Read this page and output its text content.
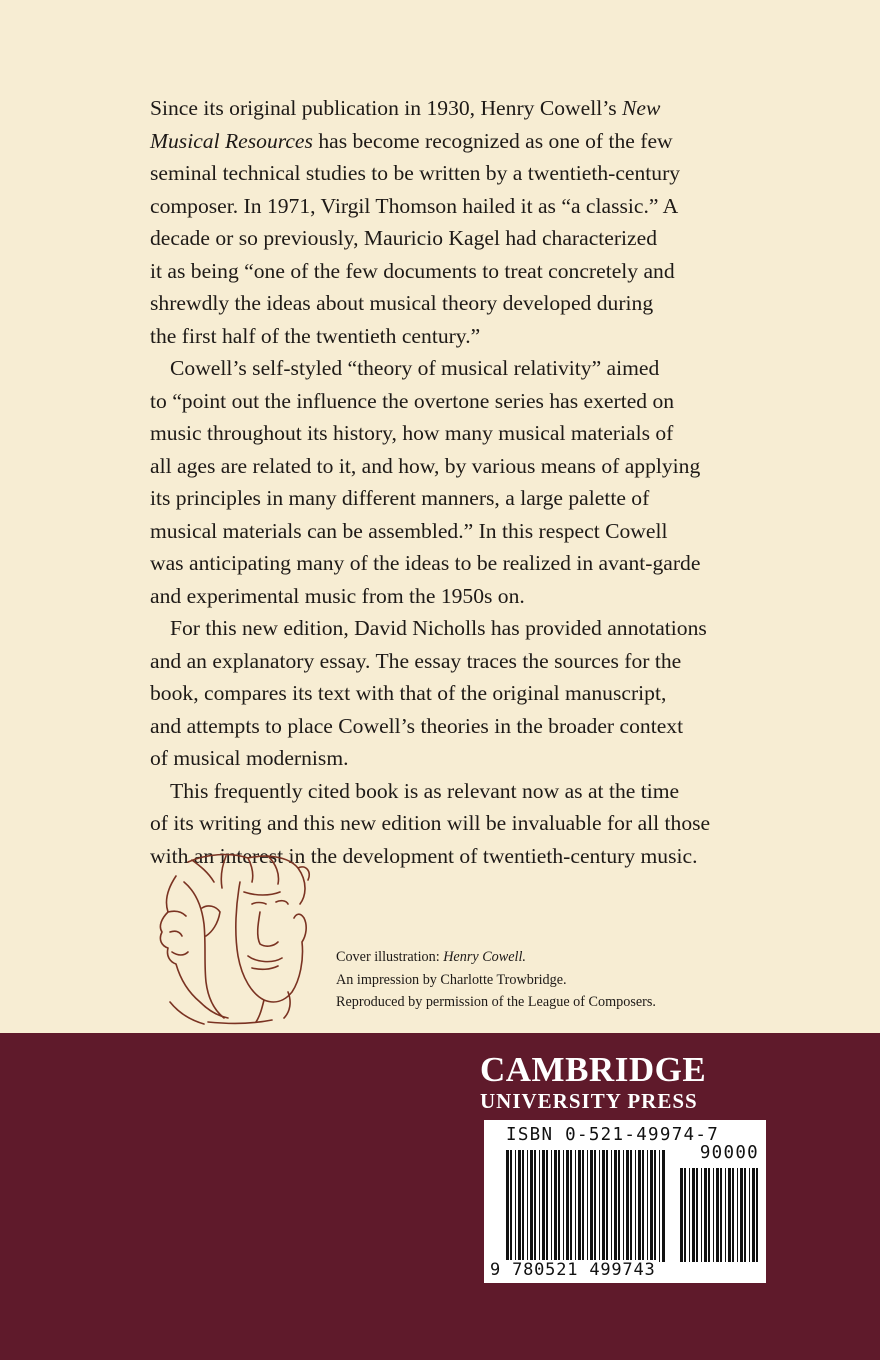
Since its original publication in 1930, Henry Cowell’s New
Musical Resources has become recognized as one of the few
seminal technical studies to be written by a twentieth-century
composer. In 1971, Virgil Thomson hailed it as “a classic.” A
decade or so previously, Mauricio Kagel had characterized
it as being “one of the few documents to treat concretely and
shrewdly the ideas about musical theory developed during
the first half of the twentieth century.”

Cowell’s self-styled “theory of musical relativity” aimed
to “point out the influence the overtone series has exerted on
music throughout its history, how many musical materials of
all ages are related to it, and how, by various means of applying
its principles in many different manners, a large palette of
musical materials can be assembled.” In this respect Cowell
was anticipating many of the ideas to be realized in avant-garde
and experimental music from the 1950s on.

For this new edition, David Nicholls has provided annotations
and an explanatory essay. The essay traces the sources for the
book, compares its text with that of the original manuscript,
and attempts to place Cowell’s theories in the broader context
of musical modernism.

This frequently cited book is as relevant now as at the time
of its writing and this new edition will be invaluable for all those
with an interest in the development of twentieth-century music.

Cover illustration: Henry Cowell.
An impression by Charlotte Trowbridge.
Reproduced by permission of the League of Composers.
CAMBRIDGE
UNIVERSITY PRESS
ISBN 0-521-49974-7
90000
9 780521 499743
